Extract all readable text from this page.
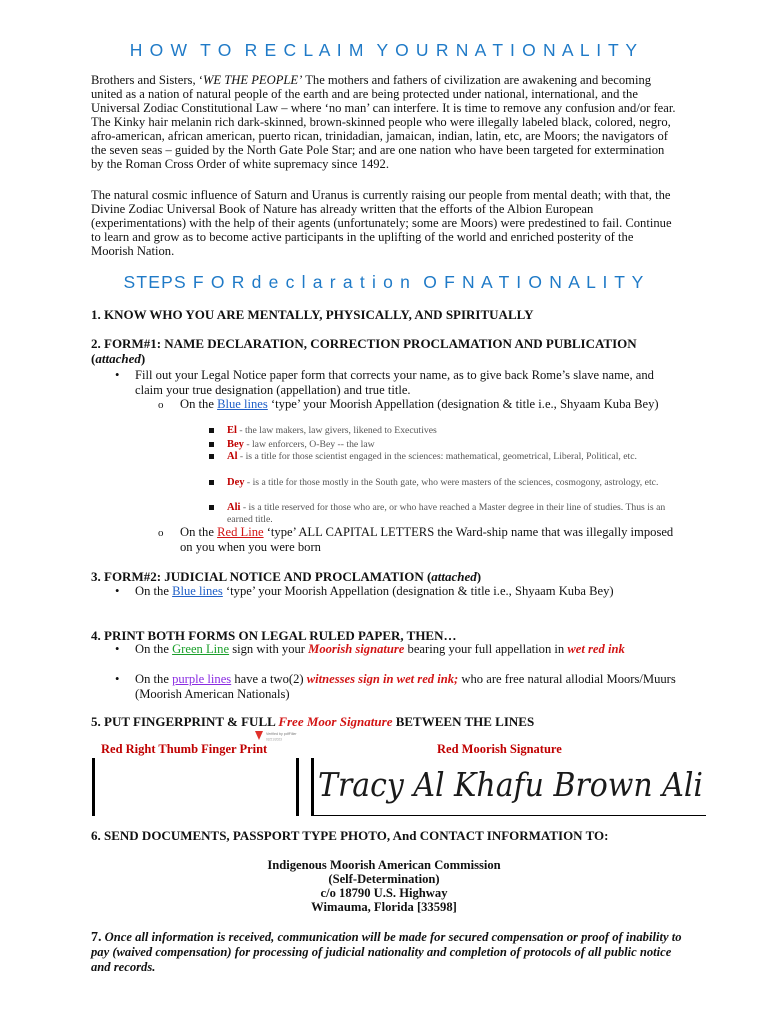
H O W  T O  R E C L A I M  Y O U R N A T I O N A L I T Y
Brothers and Sisters, ‘WE THE PEOPLE’ The mothers and fathers of civilization are awakening and becoming united as a nation of natural people of the earth and are being protected under national, international, and the Universal Zodiac Constitutional Law – where ‘no man’ can interfere. It is time to remove any confusion and/or fear. The Kinky hair melanin rich dark-skinned, brown-skinned people who were illegally labeled black, colored, negro, afro-american, african american, puerto rican, trinidadian, jamaican, indian, latin, etc, are Moors; the navigators of the seven seas – guided by the North Gate Pole Star; and are one nation who have been targeted for extermination by the Roman Cross Order of white supremacy since 1492.
The natural cosmic influence of Saturn and Uranus is currently raising our people from mental death; with that, the Divine Zodiac Universal Book of Nature has already written that the efforts of the Albion European (experimentations) with the help of their agents (unfortunately; some are Moors) were predestined to fail. Continue to learn and grow as to become active participants in the uplifting of the world and enriched posterity of the Moorish Nation.
STEPS F O R d e c l a r a t i o n  O F N A T I O N A L I T Y
1. KNOW WHO YOU ARE MENTALLY, PHYSICALLY, AND SPIRITUALLY
2. FORM#1: NAME DECLARATION, CORRECTION PROCLAMATION AND PUBLICATION (attached)
• Fill out your Legal Notice paper form that corrects your name, as to give back Rome’s slave name, and claim your true designation (appellation) and true title.
o On the Blue lines ‘type’ your Moorish Appellation (designation & title i.e., Shyaam Kuba Bey)
El - the law makers, law givers, likened to Executives
Bey - law enforcers, O-Bey -- the law
Al - is a title for those scientist engaged in the sciences: mathematical, geometrical, Liberal, Political, etc.
Dey - is a title for those mostly in the South gate, who were masters of the sciences, cosmogony, astrology, etc.
Ali - is a title reserved for those who are, or who have reached a Master degree in their line of studies. Thus is an earned title.
o On the Red Line ‘type’ ALL CAPITAL LETTERS the Ward-ship name that was illegally imposed on you when you were born
3. FORM#2: JUDICIAL NOTICE AND PROCLAMATION (attached)
• On the Blue lines ‘type’ your Moorish Appellation (designation & title i.e., Shyaam Kuba Bey)
4. PRINT BOTH FORMS ON LEGAL RULED PAPER, THEN…
• On the Green Line sign with your Moorish signature bearing your full appellation in wet red ink
• On the purple lines have a two(2) witnesses sign in wet red ink; who are free natural allodial Moors/Muurs (Moorish American Nationals)
5. PUT FINGERPRINT & FULL Free Moor Signature BETWEEN THE LINES
Verified by pdfFiller
02/21/2023
Red Right Thumb Finger Print	Red Moorish Signature
Tracy Al Khafu Brown Ali
6. SEND DOCUMENTS, PASSPORT TYPE PHOTO, And CONTACT INFORMATION TO:
Indigenous Moorish American Commission
(Self-Determination)
c/o 18790 U.S. Highway
Wimauma, Florida [33598]
7. Once all information is received, communication will be made for secured compensation or proof of inability to pay (waived compensation) for processing of judicial nationality and completion of protocols of all public notice and records.
